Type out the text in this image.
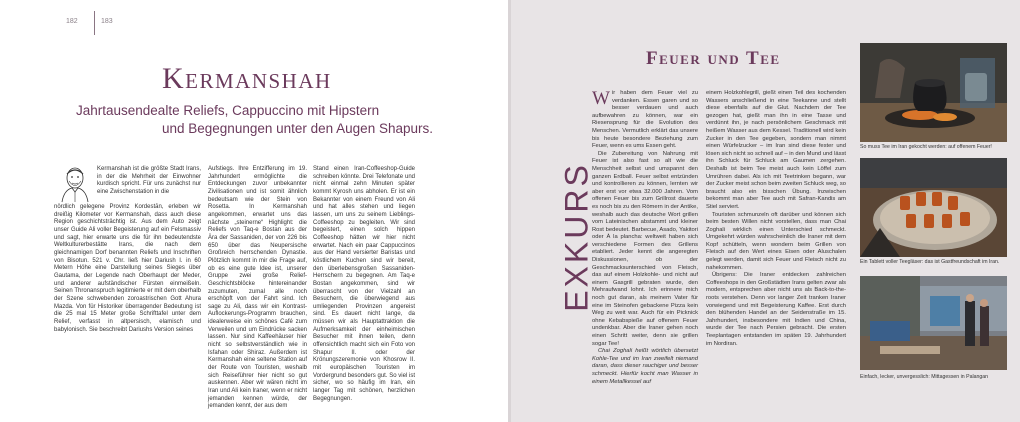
182	183
Kermanshah
Jahrtausendealte Reliefs, Cappuccino mit Hipstern
und Begegnungen unter den Augen Shapurs.

Kermanshah ist die größte Stadt Irans, in der die Mehrheit der Einwohner kurdisch spricht. Für uns zunächst nur eine Zwischenstation in die

nördlich gelegene Provinz Kordestān, erleben wir dreißig Kilometer vor Kermanshah, dass auch diese Region geschichtsträchtig ist. Aus dem Auto zeigt unser Guide Ali voller Begeisterung auf ein Felsmassiv und sagt, hier erwarte uns die für ihn bedeutendste Weltkulturerbestätte Irans, die nach dem gleichnamigen Dorf benannten Reliefs und Inschriften von Bisotun. 521 v. Chr. ließ hier Dariush I. in 60 Metern Höhe eine Darstellung seines Sieges über Gautama, der Legende nach Oberhaupt der Meder, und anderer aufständischer Fürsten einmeißeln. Seinen Thronanspruch legitimierte er mit dem oberhalb der Szene schwebenden zoroastrischen Gott Ahura Mazda. Von für Historiker überragender Bedeutung ist die 25 mal 15 Meter große Schrifttafel unter dem Relief, verfasst in altpersisch, elamisch und babylonisch. Sie beschreibt Dariushs Version seines

Aufstiegs. Ihre Entzifferung im 19. Jahrhundert ermöglichte die Entdeckungen zuvor unbekannter Zivilisationen und ist somit ähnlich bedeutsam wie der Stein von Rosetta. In Kermanshah angekommen, erwartet uns das nächste „steinerne“ Highlight: die Reliefs von Taq-e Bostan aus der Ära der Sassaniden, der von 226 bis 650 über das Neupersische Großreich herrschenden Dynastie. Plötzlich kommt in mir die Frage auf, ob es eine gute Idee ist, unserer Gruppe zwei große Relief-Geschichtsblöcke hintereinander zuzumuten, zumal alle noch erschöpft von der Fahrt sind. Ich sage zu Ali, dass wir ein Kontrast-Auflockerungs-Programm brauchen, idealerweise ein schönes Café zum Verweilen und um Eindrücke sacken lassen. Nur sind Kaffeehäuser hier nicht so selbstverständlich wie in Isfahan oder Shiraz. Außerdem ist Kermanshah eine seltene Station auf der Route von Touristen, weshalb sich Reiseführer hier nicht so gut auskennen. Aber wir wären nicht im Iran und Ali kein Iraner, wenn er nicht jemanden kennen würde, der jemanden kennt, der aus dem

Stand einen Iran-Coffeeshop-Guide schreiben könnte. Drei Telefonate und nicht einmal zehn Minuten später kommt Kyrosh uns abholen. Er ist ein Bekannter von einem Freund von Ali und hat alles stehen und liegen lassen, um uns zu seinem Lieblings-Coffeeshop zu begleiten. Wir sind begeistert, einen solch hippen Coffeeshop hätten wir hier nicht erwartet. Nach ein paar Cappuccinos aus der Hand versierter Baristas und köstlichem Kuchen sind wir bereit, den überlebensgroßen Sassaniden-Herrschern zu begegnen. Am Taq-e Bostan angekommen, sind wir überrascht von der Vielzahl an Besuchern, die überwiegend aus umliegenden Provinzen angereist sind. Es dauert nicht lange, da müssen wir als Hauptattraktion die Aufmerksamkeit der einheimischen Besucher mit ihnen teilen, denn offensichtlich macht sich ein Foto von Shapur II. oder der Krönungszeremonie von Khosrow II. mit europäischen Touristen im Vordergrund besonders gut. So viel ist sicher, wo so häufig im Iran, ein langer Tag mit schönen, herzlichen Begegnungen.

Feuer und Tee
EXKURS

Wir haben dem Feuer viel zu verdanken. Essen garen und so besser verdauen und auch aufbewahren zu können, war ein Riesensprung für die Evolution des Menschen. Vermutlich erklärt das unsere bis heute besondere Beziehung zum Feuer, wenn es ums Essen geht.

Die Zubereitung von Nahrung mit Feuer ist also fast so alt wie die Menschheit selbst und umspannt den ganzen Erdball. Feuer selbst entzünden und kontrollieren zu können, lernten wir aber erst vor etwa 32.000 Jahren. Vom offenen Feuer bis zum Grillrost dauerte es noch bis zu den Römern in der Antike, weshalb auch das deutsche Wort grillen vom Lateinischen abstammt und kleiner Rost bedeutet. Barbecue, Asado, Yakitori oder À la plancha: weltweit haben sich verschiedene Formen des Grillens etabliert. Jeder kennt die angeregten Diskussionen, ob der Geschmacksunterschied von Fleisch, das auf einem Holzkohle- und nicht auf einem Gasgrill gebraten wurde, den Mehraufwand lohnt. Ich erinnere mich noch gut daran, als meinem Vater für eine im Steinofen gebackene Pizza kein Weg zu weit war. Auch für ein Picknick ohne Kebabspieße auf offenem Feuer undenkbar. Aber die Iraner gehen noch einen Schritt weiter, denn sie grillen sogar Tee!

Chai Zoghali heißt wörtlich übersetzt Kohle-Tee und im Iran zweifelt niemand daran, dass dieser rauchiger und besser schmeckt. Hierfür kocht man Wasser in einem Metallkessel auf

einem Holzkohlegrill, gießt einen Teil des kochenden Wassers anschließend in eine Teekanne und stellt diese ebenfalls auf die Glut. Nachdem der Tee gezogen hat, gießt man ihn in eine Tasse und verdünnt ihn, je nach persönlichem Geschmack mit heißem Wasser aus dem Kessel. Traditionell wird kein Zucker in den Tee gegeben, sondern man nimmt einen Würfelzucker – im Iran sind diese fester und lösen sich nicht so schnell auf – in den Mund und lässt ihn Schluck für Schluck am Gaumen zergehen. Deshalb ist beim Tee meist auch kein Löffel zum Umrühren dabei. Als ich mit Teetrinken begann, war der Zucker meist schon beim zweiten Schluck weg, so braucht also ein bisschen Übung. Inzwischen bekommt man aber Tee auch mit Safran-Kandis am Stiel serviert.

Touristen schmunzeln oft darüber und können sich beim besten Willen nicht vorstellen, dass man Chai Zoghali wirklich einen Unterschied schmeckt. Umgekehrt würden wahrscheinlich die Iraner mit dem Kopf schütteln, wenn wondern beim Grillen von Fleisch auf den Wert eines Eisen oder Aluschalen gelegt werden, damit sich Feuer und Fleisch nicht zu nahekommen.

Übrigens: Die Iraner entdecken zahlreichen Coffeeshops in den Großstädten Irans gelten zwar als modern, entsprechen aber nicht uns als Back-to-the-roots verstehen. Denn vor langer Zeit tranken Iraner vorwiegend und mit Begeisterung Kaffee. Erst durch den blühenden Handel an der Seidenstraße im 15. Jahrhundert, insbesondere mit Indien und China, wurde der Tee nach Persien gebracht. Die ersten Teeplantagen entstanden im späten 19. Jahrhundert im Nordiran.

So muss Tee im Iran gekocht werden: auf offenem Feuer!
Ein Tablett voller Teegläser: das ist Gastfreundschaft im Iran.
Einfach, lecker, unvergesslich: Mittagessen in Palangan
